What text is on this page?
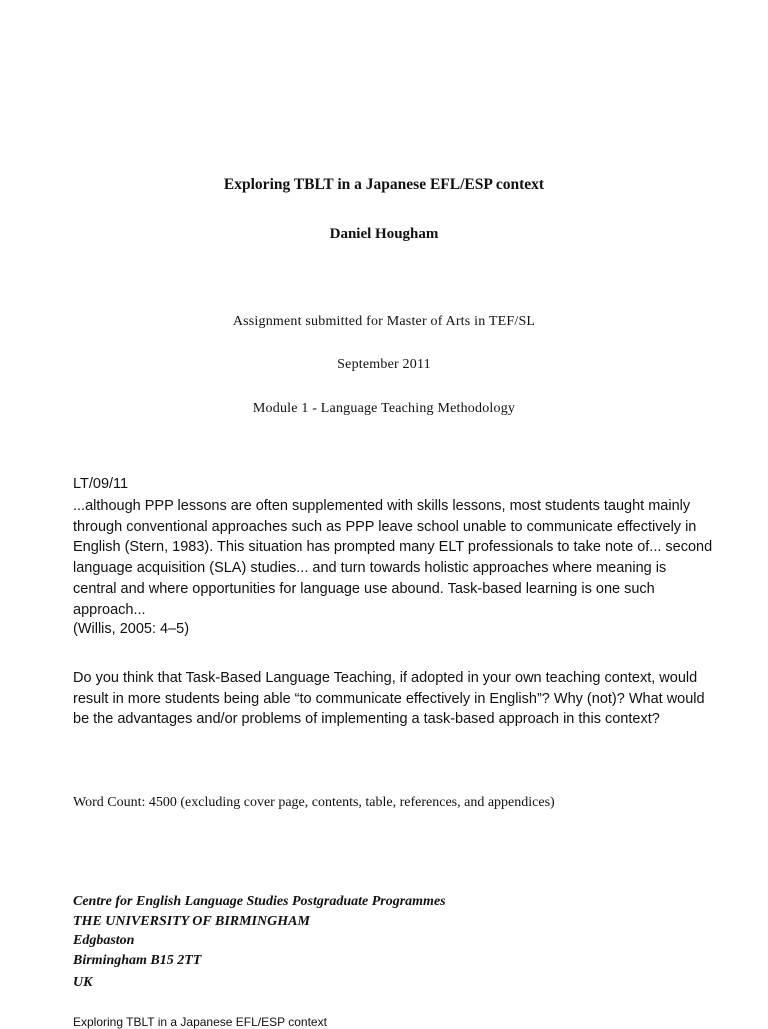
Exploring TBLT in a Japanese EFL/ESP context
Daniel Hougham
Assignment submitted for Master of Arts in TEF/SL
September 2011
Module 1 - Language Teaching Methodology
LT/09/11
...although PPP lessons are often supplemented with skills lessons, most students taught mainly through conventional approaches such as PPP leave school unable to communicate effectively in English (Stern, 1983). This situation has prompted many ELT professionals to take note of... second language acquisition (SLA) studies... and turn towards holistic approaches where meaning is central and where opportunities for language use abound. Task-based learning is one such approach...
(Willis, 2005: 4–5)
Do you think that Task-Based Language Teaching, if adopted in your own teaching context, would result in more students being able “to communicate effectively in English”? Why (not)? What would be the advantages and/or problems of implementing a task-based approach in this context?
Word Count: 4500 (excluding cover page, contents, table, references, and appendices)
Centre for English Language Studies Postgraduate Programmes
THE UNIVERSITY OF BIRMINGHAM
Edgbaston
Birmingham B15 2TT
UK
Exploring TBLT in a Japanese EFL/ESP context
